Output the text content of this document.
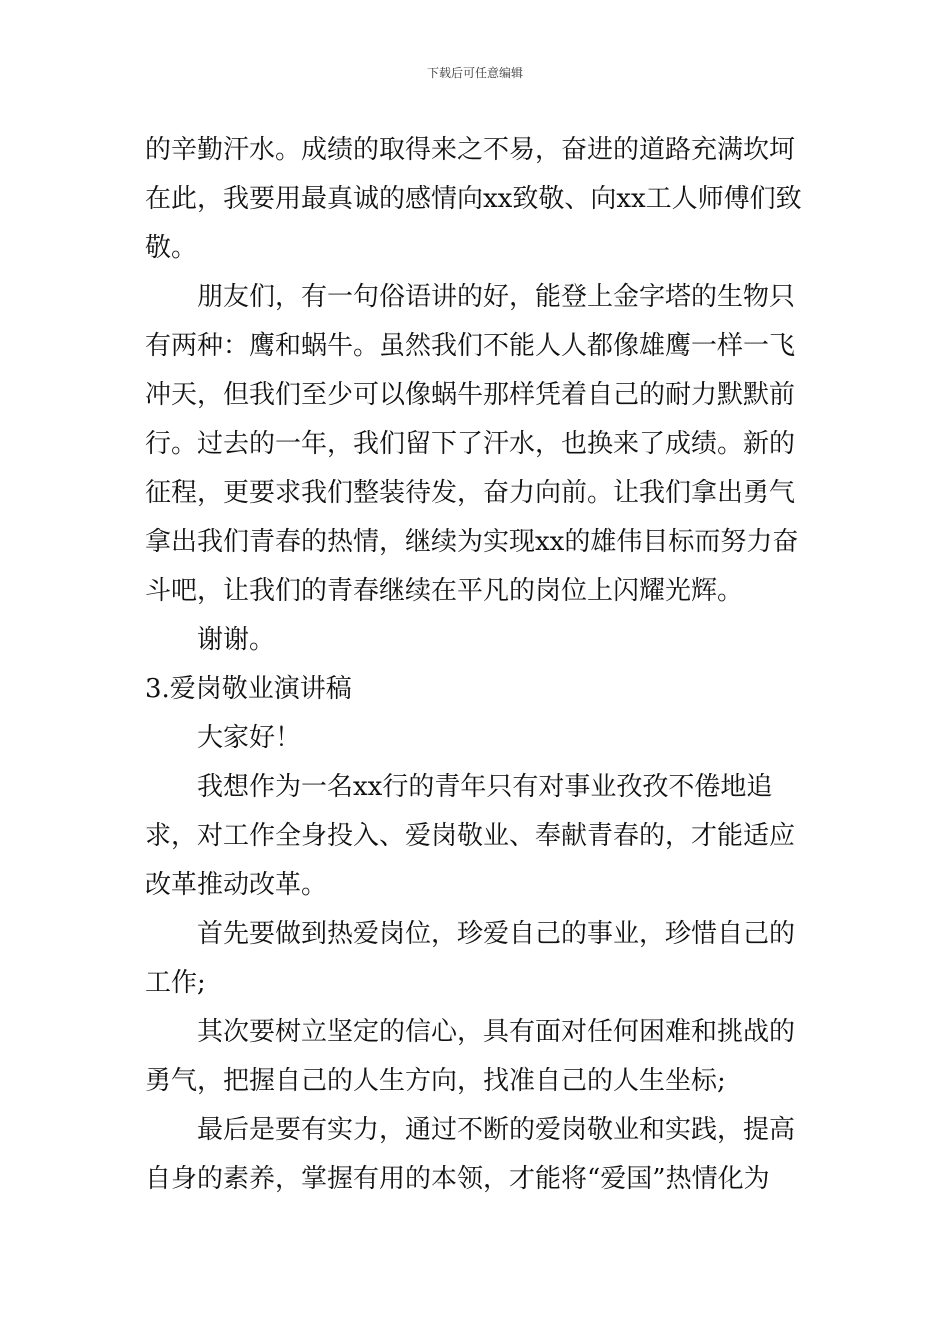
下载后可任意编辑

的辛勤汗水。成绩的取得来之不易，奋进的道路充满坎坷在此，我要用最真诚的感情向xx致敬、向xx工人师傅们致敬。

朋友们，有一句俗语讲的好，能登上金字塔的生物只有两种：鹰和蜗牛。虽然我们不能人人都像雄鹰一样一飞冲天，但我们至少可以像蜗牛那样凭着自己的耐力默默前行。过去的一年，我们留下了汗水，也换来了成绩。新的征程，更要求我们整装待发，奋力向前。让我们拿出勇气拿出我们青春的热情，继续为实现xx的雄伟目标而努力奋斗吧，让我们的青春继续在平凡的岗位上闪耀光辉。

谢谢。

3.爱岗敬业演讲稿

大家好！

我想作为一名xx行的青年只有对事业孜孜不倦地追求，对工作全身投入、爱岗敬业、奉献青春的，才能适应改革推动改革。

首先要做到热爱岗位，珍爱自己的事业，珍惜自己的工作;

其次要树立坚定的信心，具有面对任何困难和挑战的勇气，把握自己的人生方向，找准自己的人生坐标;

最后是要有实力，通过不断的爱岗敬业和实践，提高自身的素养，掌握有用的本领，才能将“爱国”热情化为
